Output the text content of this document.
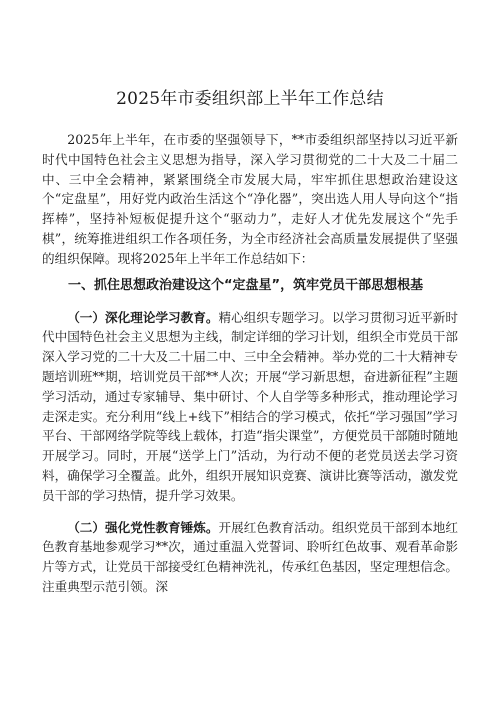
2025年市委组织部上半年工作总结

2025年上半年，在市委的坚强领导下，**市委组织部坚持以习近平新时代中国特色社会主义思想为指导，深入学习贯彻党的二十大及二十届二中、三中全会精神，紧紧围绕全市发展大局，牢牢抓住思想政治建设这个“定盘星”，用好党内政治生活这个“净化器”，突出选人用人导向这个“指挥棒”，坚持补短板促提升这个“驱动力”，走好人才优先发展这个“先手棋”，统筹推进组织工作各项任务，为全市经济社会高质量发展提供了坚强的组织保障。现将2025年上半年工作总结如下：

一、抓住思想政治建设这个“定盘星”，筑牢党员干部思想根基

（一）深化理论学习教育。精心组织专题学习。以学习贯彻习近平新时代中国特色社会主义思想为主线，制定详细的学习计划，组织全市党员干部深入学习党的二十大及二十届二中、三中全会精神。举办党的二十大精神专题培训班**期，培训党员干部**人次；开展“学习新思想，奋进新征程”主题学习活动，通过专家辅导、集中研讨、个人自学等多种形式，推动理论学习走深走实。充分利用“线上+线下”相结合的学习模式，依托“学习强国”学习平台、干部网络学院等线上载体，打造“指尖课堂”，方便党员干部随时随地开展学习。同时，开展“送学上门”活动，为行动不便的老党员送去学习资料，确保学习全覆盖。此外，组织开展知识竞赛、演讲比赛等活动，激发党员干部的学习热情，提升学习效果。

（二）强化党性教育锤炼。开展红色教育活动。组织党员干部到本地红色教育基地参观学习**次，通过重温入党誓词、聆听红色故事、观看革命影片等方式，让党员干部接受红色精神洗礼，传承红色基因，坚定理想信念。注重典型示范引领。深
